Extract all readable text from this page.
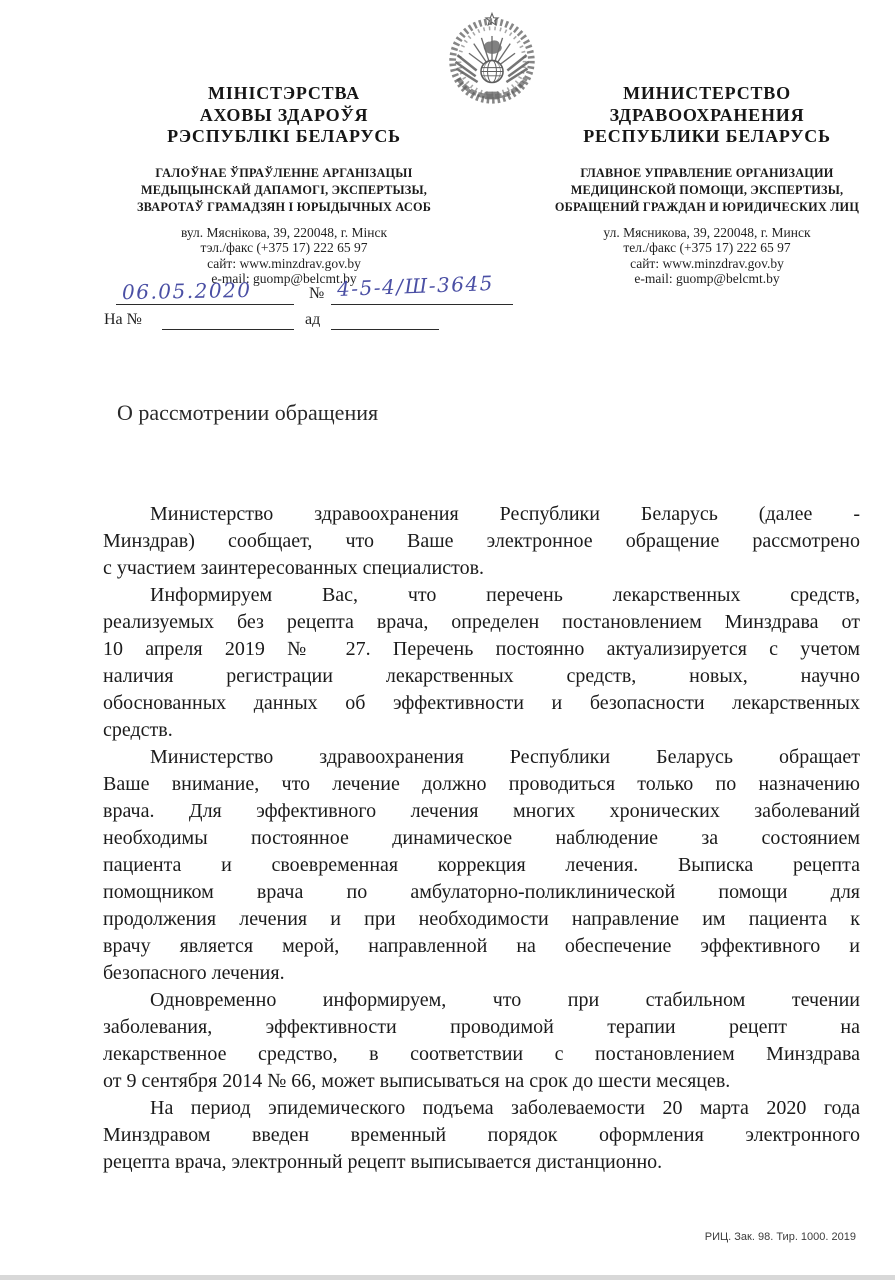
МІНІСТЭРСТВА
АХОВЫ ЗДАРОЎЯ
РЭСПУБЛІКІ БЕЛАРУСЬ
ГАЛОЎНАЕ ЎПРАЎЛЕННЕ АРГАНІЗАЦЫІ
МЕДЫЦЫНСКАЙ ДАПАМОГІ, ЭКСПЕРТЫЗЫ,
ЗВАРОТАЎ ГРАМАДЗЯН І ЮРЫДЫЧНЫХ АСОБ
вул. Мяснікова, 39, 220048, г. Мінск
тэл./факс (+375 17) 222 65 97
сайт: www.minzdrav.gov.by
e-mail: guomp@belcmt.by
МИНИСТЕРСТВО
ЗДРАВООХРАНЕНИЯ
РЕСПУБЛИКИ БЕЛАРУСЬ
ГЛАВНОЕ УПРАВЛЕНИЕ ОРГАНИЗАЦИИ
МЕДИЦИНСКОЙ ПОМОЩИ, ЭКСПЕРТИЗЫ,
ОБРАЩЕНИЙ ГРАЖДАН И ЮРИДИЧЕСКИХ ЛИЦ
ул. Мясникова, 39, 220048, г. Минск
тел./факс (+375 17) 222 65 97
сайт: www.minzdrav.gov.by
e-mail: guomp@belcmt.by
06.05.2020	№ 4-5-4/Ш-3645
На №	ад
О рассмотрении обращения
Министерство здравоохранения Республики Беларусь (далее -
Минздрав) сообщает, что Ваше электронное обращение рассмотрено
с участием заинтересованных специалистов.
Информируем Вас, что перечень лекарственных средств,
реализуемых без рецепта врача, определен постановлением Минздрава от
10 апреля 2019 № 27. Перечень постоянно актуализируется с учетом
наличия регистрации лекарственных средств, новых, научно
обоснованных данных об эффективности и безопасности лекарственных
средств.
Министерство здравоохранения Республики Беларусь обращает
Ваше внимание, что лечение должно проводиться только по назначению
врача. Для эффективного лечения многих хронических заболеваний
необходимы постоянное динамическое наблюдение за состоянием
пациента и своевременная коррекция лечения. Выписка рецепта
помощником врача по амбулаторно-поликлинической помощи для
продолжения лечения и при необходимости направление им пациента к
врачу является мерой, направленной на обеспечение эффективного и
безопасного лечения.
Одновременно информируем, что при стабильном течении
заболевания, эффективности проводимой терапии рецепт на
лекарственное средство, в соответствии с постановлением Минздрава
от 9 сентября 2014 № 66, может выписываться на срок до шести месяцев.
На период эпидемического подъема заболеваемости 20 марта 2020 года
Минздравом введен временный порядок оформления электронного
рецепта врача, электронный рецепт выписывается дистанционно.
РИЦ. Зак. 98. Тир. 1000. 2019
